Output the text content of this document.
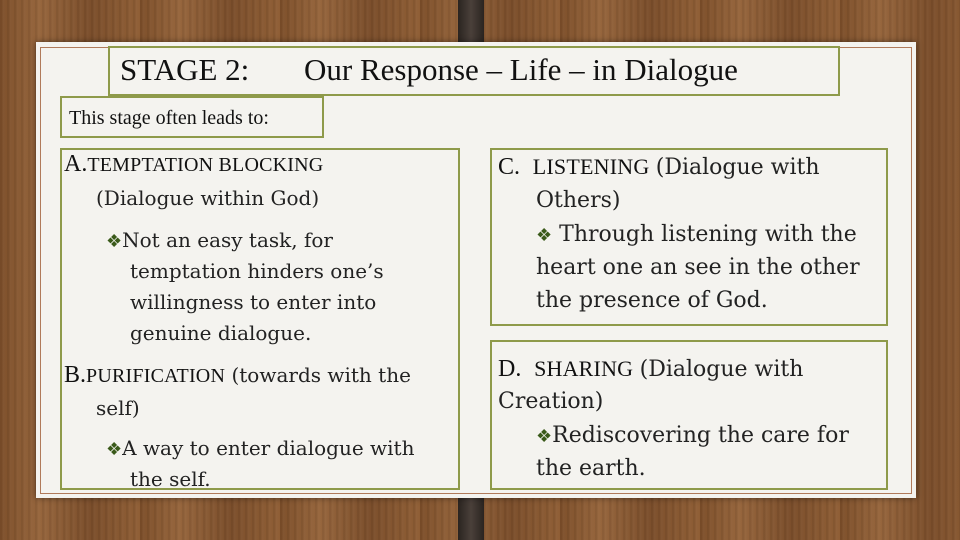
STAGE 2: Our Response – Life – in Dialogue
This stage often leads to:
A.TEMPTATION BLOCKING
(Dialogue within God)
❖Not an easy task, for
temptation hinders one’s
willingness to enter into
genuine dialogue.
B.PURIFICATION (towards with the
self)
❖A way to enter dialogue with
the self.
C. LISTENING (Dialogue with
Others)
❖ Through listening with the
heart one an see in the other
the presence of God.
D. SHARING (Dialogue with
Creation)
❖Rediscovering the care for
the earth.
